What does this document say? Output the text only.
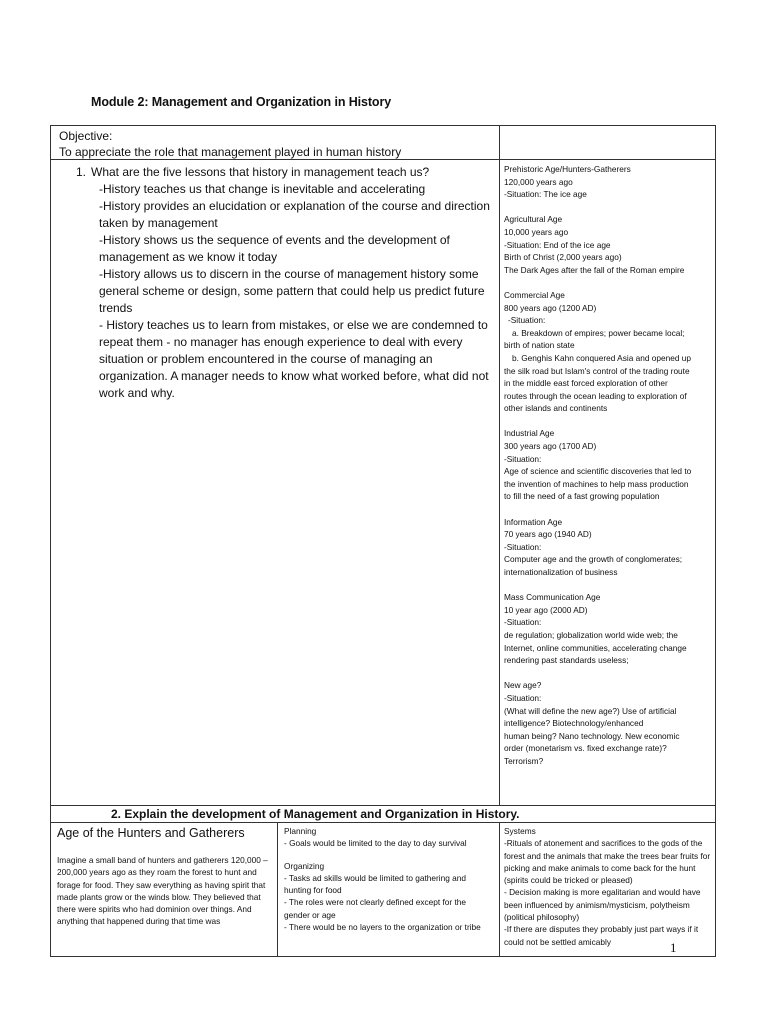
Module 2: Management and Organization in History
Objective:
To appreciate the role that management played in human history
1. What are the five lessons that history in management teach us?
-History teaches us that change is inevitable and accelerating
-History provides an elucidation or explanation of the course and direction taken by management
-History shows us the sequence of events and the development of management as we know it today
-History allows us to discern in the course of management history some general scheme or design, some pattern that could help us predict future trends
- History teaches us to learn from mistakes, or else we are condemned to repeat them - no manager has enough experience to deal with every situation or problem encountered in the course of managing an organization. A manager needs to know what worked before, what did not work and why.
Prehistoric Age/Hunters-Gatherers
120,000 years ago
-Situation: The ice age
Agricultural Age
10,000 years ago
-Situation: End of the ice age
Birth of Christ (2,000 years ago)
The Dark Ages after the fall of the Roman empire
Commercial Age
800 years ago (1200 AD)
-Situation:
a. Breakdown of empires; power became local;
birth of nation state
b. Genghis Kahn conquered Asia and opened up
the silk road but Islam's control of the trading route
in the middle east forced exploration of other
routes through the ocean leading to exploration of
other islands and continents
Industrial Age
300 years ago (1700 AD)
-Situation:
Age of science and scientific discoveries that led to
the invention of machines to help mass production
to fill the need of a fast growing population
Information Age
70 years ago (1940 AD)
-Situation:
Computer age and the growth of conglomerates;
internationalization of business
Mass Communication Age
10 year ago (2000 AD)
-Situation:
de regulation; globalization world wide web; the
Internet, online communities, accelerating change
rendering past standards useless;
New age?
-Situation:
(What will define the new age?) Use of artificial
intelligence? Biotechnology/enhanced
human being? Nano technology. New economic
order (monetarism vs. fixed exchange rate)?
Terrorism?
2. Explain the development of Management and Organization in History.
Age of the Hunters and Gatherers
Imagine a small band of hunters and gatherers 120,000 – 200,000 years ago as they roam the forest to hunt and forage for food. They saw everything as having spirit that made plants grow or the winds blow. They believed that there were spirits who had dominion over things. And anything that happened during that time was
Planning
- Goals would be limited to the day to day survival
Organizing
- Tasks ad skills would be limited to gathering and hunting for food
- The roles were not clearly defined except for the gender or age
- There would be no layers to the organization or tribe
Systems
-Rituals of atonement and sacrifices to the gods of the forest and the animals that make the trees bear fruits for picking and make animals to come back for the hunt (spirits could be tricked or pleased)
- Decision making is more egalitarian and would have been influenced by animism/mysticism, polytheism (political philosophy)
-If there are disputes they probably just part ways if it could not be settled amicably	1
